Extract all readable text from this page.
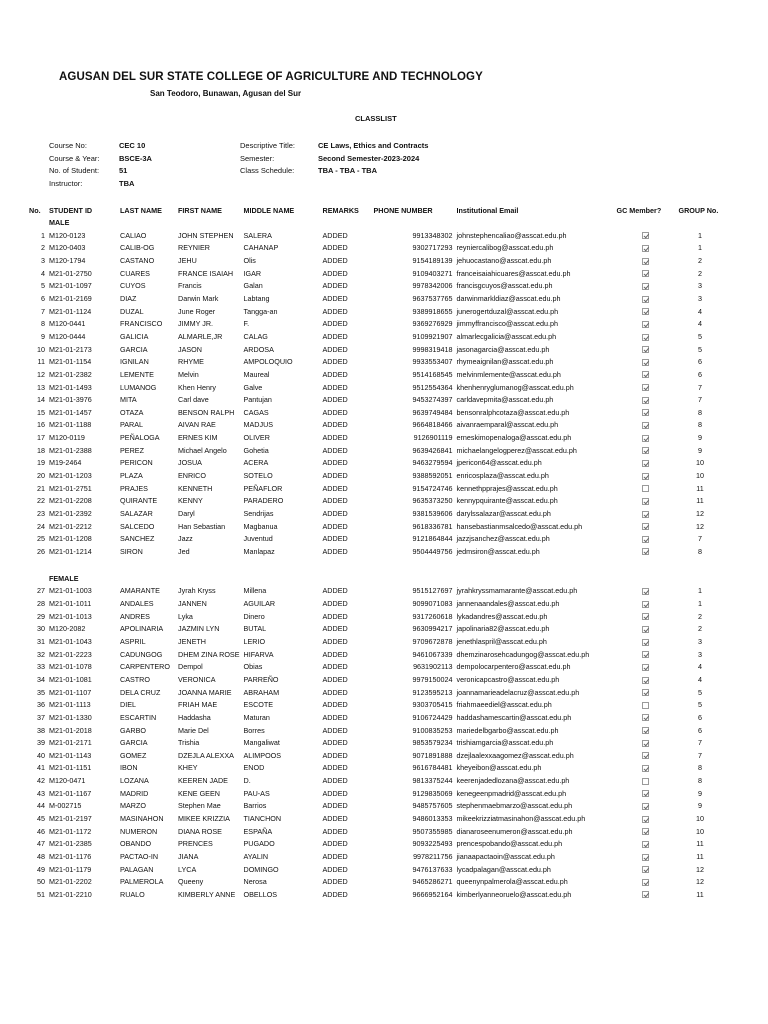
AGUSAN DEL SUR STATE COLLEGE OF AGRICULTURE AND TECHNOLOGY
San Teodoro, Bunawan, Agusan del Sur
CLASSLIST
Course No:
Course & Year:
No. of Student:
Instructor:
CEC 10
BSCE-3A
51
TBA
Descriptive Title:
Semester:
Class Schedule:
CE Laws, Ethics and Contracts
Second Semester-2023-2024
TBA - TBA - TBA
No.	STUDENT ID	LAST NAME	FIRST NAME	MIDDLE NAME	REMARKS	PHONE NUMBER	Institutional Email	GC Member?	GROUP No.
	MALE								
1	M120-0123	CALIAO	JOHN STEPHEN	SALERA	ADDED	9913348302	johnstephencaliao@asscat.edu.ph		1
2	M120-0403	CALIB-OG	REYNIER	CAHANAP	ADDED	9302717293	reyniercalibog@asscat.edu.ph		1
3	M120-1794	CASTANO	JEHU	Olis	ADDED	9154189139	jehuocastano@asscat.edu.ph		2
4	M21-01-2750	CUARES	FRANCE ISAIAH	IGAR	ADDED	9109403271	franceisaiahicuares@asscat.edu.ph		2
5	M21-01-1097	CUYOS	Francis	Galan	ADDED	9978342006	francisgcuyos@asscat.edu.ph		3
6	M21-01-2169	DIAZ	Darwin Mark	Labtang	ADDED	9637537765	darwinmarkldiaz@asscat.edu.ph		3
7	M21-01-1124	DUZAL	June Roger	Tangga-an	ADDED	9389918655	junerogertduzal@asscat.edu.ph		4
8	M120-0441	FRANCISCO	JIMMY JR.	F.	ADDED	9369276929	jimmyffrancisco@asscat.edu.ph		4
9	M120-0444	GALICIA	ALMARLE,JR	CALAG	ADDED	9109921907	almarlecgalicia@asscat.edu.ph		5
10	M21-01-2173	GARCIA	JASON	ARDOSA	ADDED	9998319418	jasonagarcia@asscat.edu.ph		5
11	M21-01-1154	IGNILAN	RHYME	AMPOLOQUIO	ADDED	9933553407	rhymeaignilan@asscat.edu.ph		6
12	M21-01-2382	LEMENTE	Melvin	Maureal	ADDED	9514168545	melvinmlemente@asscat.edu.ph		6
13	M21-01-1493	LUMANOG	Khen Henry	Galve	ADDED	9512554364	khenhenryglumanog@asscat.edu.ph		7
14	M21-01-3976	MITA	Carl dave	Pantujan	ADDED	9453274397	carldavepmita@asscat.edu.ph		7
15	M21-01-1457	OTAZA	BENSON RALPH	CAGAS	ADDED	9639749484	bensonralphcotaza@asscat.edu.ph		8
16	M21-01-1188	PARAL	AIVAN RAE	MADJUS	ADDED	9664818466	aivanraemparal@asscat.edu.ph		8
17	M120-0119	PEÑALOGA	ERNES KIM	OLIVER	ADDED	9126901119	erneskimopenaloga@asscat.edu.ph		9
18	M21-01-2388	PEREZ	Michael Angelo	Gohetia	ADDED	9639426841	michaelangelogperez@asscat.edu.ph		9
19	M19-2464	PERICON	JOSUA	ACERA	ADDED	9463279594	jpericon64@asscat.edu.ph		10
20	M21-01-1203	PLAZA	ENRICO	SOTELO	ADDED	9388592051	enricosplaza@asscat.edu.ph		10
21	M21-01-2751	PRAJES	KENNETH	PEÑAFLOR	ADDED	9154724746	kennethpprajes@asscat.edu.ph		11
22	M21-01-2208	QUIRANTE	KENNY	PARADERO	ADDED	9635373250	kennypquirante@asscat.edu.ph		11
23	M21-01-2392	SALAZAR	Daryl	Sendrijas	ADDED	9381539606	darylssalazar@asscat.edu.ph		12
24	M21-01-2212	SALCEDO	Han Sebastian	Magbanua	ADDED	9618336781	hansebastianmsalcedo@asscat.edu.ph		12
25	M21-01-1208	SANCHEZ	Jazz	Juventud	ADDED	9121864844	jazzjsanchez@asscat.edu.ph		7
26	M21-01-1214	SIRON	Jed	Manlapaz	ADDED	9504449756	jedmsiron@asscat.edu.ph		8

	FEMALE								
27	M21-01-1003	AMARANTE	Jyrah Kryss	Millena	ADDED	9515127697	jyrahkryssmamarante@asscat.edu.ph		1
28	M21-01-1011	ANDALES	JANNEN	AGUILAR	ADDED	9099071083	jannenaandales@asscat.edu.ph		1
29	M21-01-1013	ANDRES	Lyka	Dinero	ADDED	9317260618	lykadandres@asscat.edu.ph		2
30	M120-2082	APOLINARIA	JAZMIN LYN	BUTAL	ADDED	9630994217	japolinaria82@asscat.edu.ph		2
31	M21-01-1043	ASPRIL	JENETH	LERIO	ADDED	9709672878	jenethlaspril@asscat.edu.ph		3
32	M21-01-2223	CADUNGOG	DHEM ZINA ROSE	HIFARVA	ADDED	9461067339	dhemzinarosehcadungog@asscat.edu.ph		3
33	M21-01-1078	CARPENTERO	Dempol	Obias	ADDED	9631902113	dempolocarpentero@asscat.edu.ph		4
34	M21-01-1081	CASTRO	VERONICA	PARREÑO	ADDED	9979150024	veronicapcastro@asscat.edu.ph		4
35	M21-01-1107	DELA CRUZ	JOANNA MARIE	ABRAHAM	ADDED	9123595213	joannamarieadelacruz@asscat.edu.ph		5
36	M21-01-1113	DIEL	FRIAH MAE	ESCOTE	ADDED	9303705415	friahmaeediel@asscat.edu.ph		5
37	M21-01-1330	ESCARTIN	Haddasha	Maturan	ADDED	9106724429	haddashamescartin@asscat.edu.ph		6
38	M21-01-2018	GARBO	Marie Del	Borres	ADDED	9100835253	mariedelbgarbo@asscat.edu.ph		6
39	M21-01-2171	GARCIA	Trishia	Mangaliwat	ADDED	9853579234	trishiamgarcia@asscat.edu.ph		7
40	M21-01-1143	GOMEZ	DZEJLA ALEXXA	ALIMPOOS	ADDED	9071891888	dzejlaalexxaagomez@asscat.edu.ph		7
41	M21-01-1151	IBON	KHEY	ENOD	ADDED	9616784481	kheyeibon@asscat.edu.ph		8
42	M120-0471	LOZANA	KEEREN JADE	D.	ADDED	9813375244	keerenjadedlozana@asscat.edu.ph		8
43	M21-01-1167	MADRID	KENE GEEN	PAU-AS	ADDED	9129835069	kenegeenpmadrid@asscat.edu.ph		9
44	M-002715	MARZO	Stephen Mae	Barrios	ADDED	9485757605	stephenmaebmarzo@asscat.edu.ph		9
45	M21-01-2197	MASINAHON	MIKEE KRIZZIA	TIANCHON	ADDED	9486013353	mikeekrizziatmasinahon@asscat.edu.ph		10
46	M21-01-1172	NUMERON	DIANA ROSE	ESPAÑA	ADDED	9507355985	dianaroseenumeron@asscat.edu.ph		10
47	M21-01-2385	OBANDO	PRENCES	PUGADO	ADDED	9093225493	prencespobando@asscat.edu.ph		11
48	M21-01-1176	PACTAO-IN	JIANA	AYALIN	ADDED	9978211756	jianaapactaoin@asscat.edu.ph		11
49	M21-01-1179	PALAGAN	LYCA	DOMINGO	ADDED	9476137633	lycadpalagan@asscat.edu.ph		12
50	M21-01-2202	PALMEROLA	Queeny	Nerosa	ADDED	9465286271	queenynpalmerola@asscat.edu.ph		12
51	M21-01-2210	RUALO	KIMBERLY ANNE	OBELLOS	ADDED	9666952164	kimberlyanneoruelo@asscat.edu.ph		11
